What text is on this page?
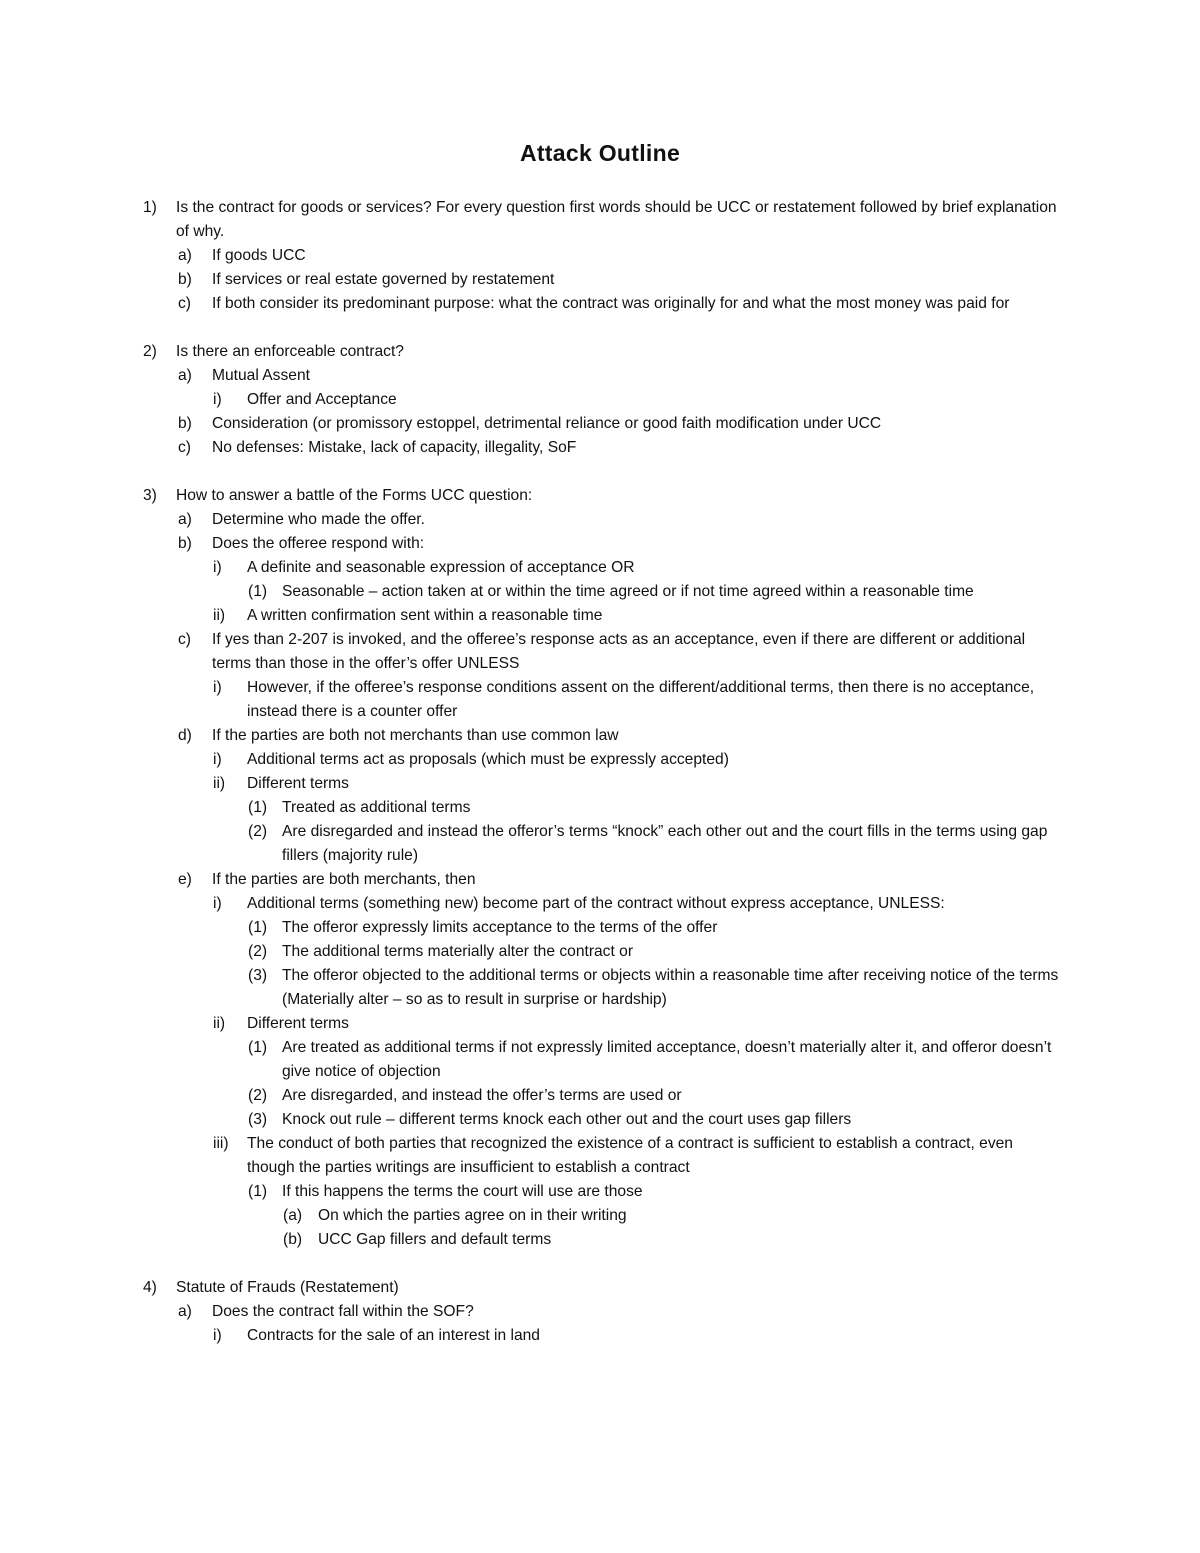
Attack Outline
1)	Is the contract for goods or services? For every question first words should be UCC or restatement followed by brief explanation of why.
a)	If goods UCC
b)	If services or real estate governed by restatement
c)	If both consider its predominant purpose: what the contract was originally for and what the most money was paid for
2)	Is there an enforceable contract?
a)	Mutual Assent
i)	Offer and Acceptance
b)	Consideration (or promissory estoppel, detrimental reliance or good faith modification under UCC
c)	No defenses: Mistake, lack of capacity, illegality, SoF
3)	How to answer a battle of the Forms UCC question:
a)	Determine who made the offer.
b)	Does the offeree respond with:
i)	A definite and seasonable expression of acceptance OR
(1) Seasonable – action taken at or within the time agreed or if not time agreed within a reasonable time
ii)	A written confirmation sent within a reasonable time
c)	If yes than 2-207 is invoked, and the offeree’s response acts as an acceptance, even if there are different or additional terms than those in the offer’s offer UNLESS
i)	However, if the offeree’s response conditions assent on the different/additional terms, then there is no acceptance, instead there is a counter offer
d)	If the parties are both not merchants than use common law
i)	Additional terms act as proposals (which must be expressly accepted)
ii)	Different terms
(1) Treated as additional terms
(2) Are disregarded and instead the offeror’s terms “knock” each other out and the court fills in the terms using gap fillers (majority rule)
e)	If the parties are both merchants, then
i)	Additional terms (something new) become part of the contract without express acceptance, UNLESS:
(1) The offeror expressly limits acceptance to the terms of the offer
(2) The additional terms materially alter the contract or
(3) The offeror objected to the additional terms or objects within a reasonable time after receiving notice of the terms (Materially alter – so as to result in surprise or hardship)
ii)	Different terms
(1) Are treated as additional terms if not expressly limited acceptance, doesn’t materially alter it, and offeror doesn’t give notice of objection
(2) Are disregarded, and instead the offer’s terms are used or
(3) Knock out rule – different terms knock each other out and the court uses gap fillers
iii)	The conduct of both parties that recognized the existence of a contract is sufficient to establish a contract, even though the parties writings are insufficient to establish a contract
(1) If this happens the terms the court will use are those
(a)	On which the parties agree on in their writing
(b)	UCC Gap fillers and default terms
4)	Statute of Frauds (Restatement)
a)	Does the contract fall within the SOF?
i)	Contracts for the sale of an interest in land
